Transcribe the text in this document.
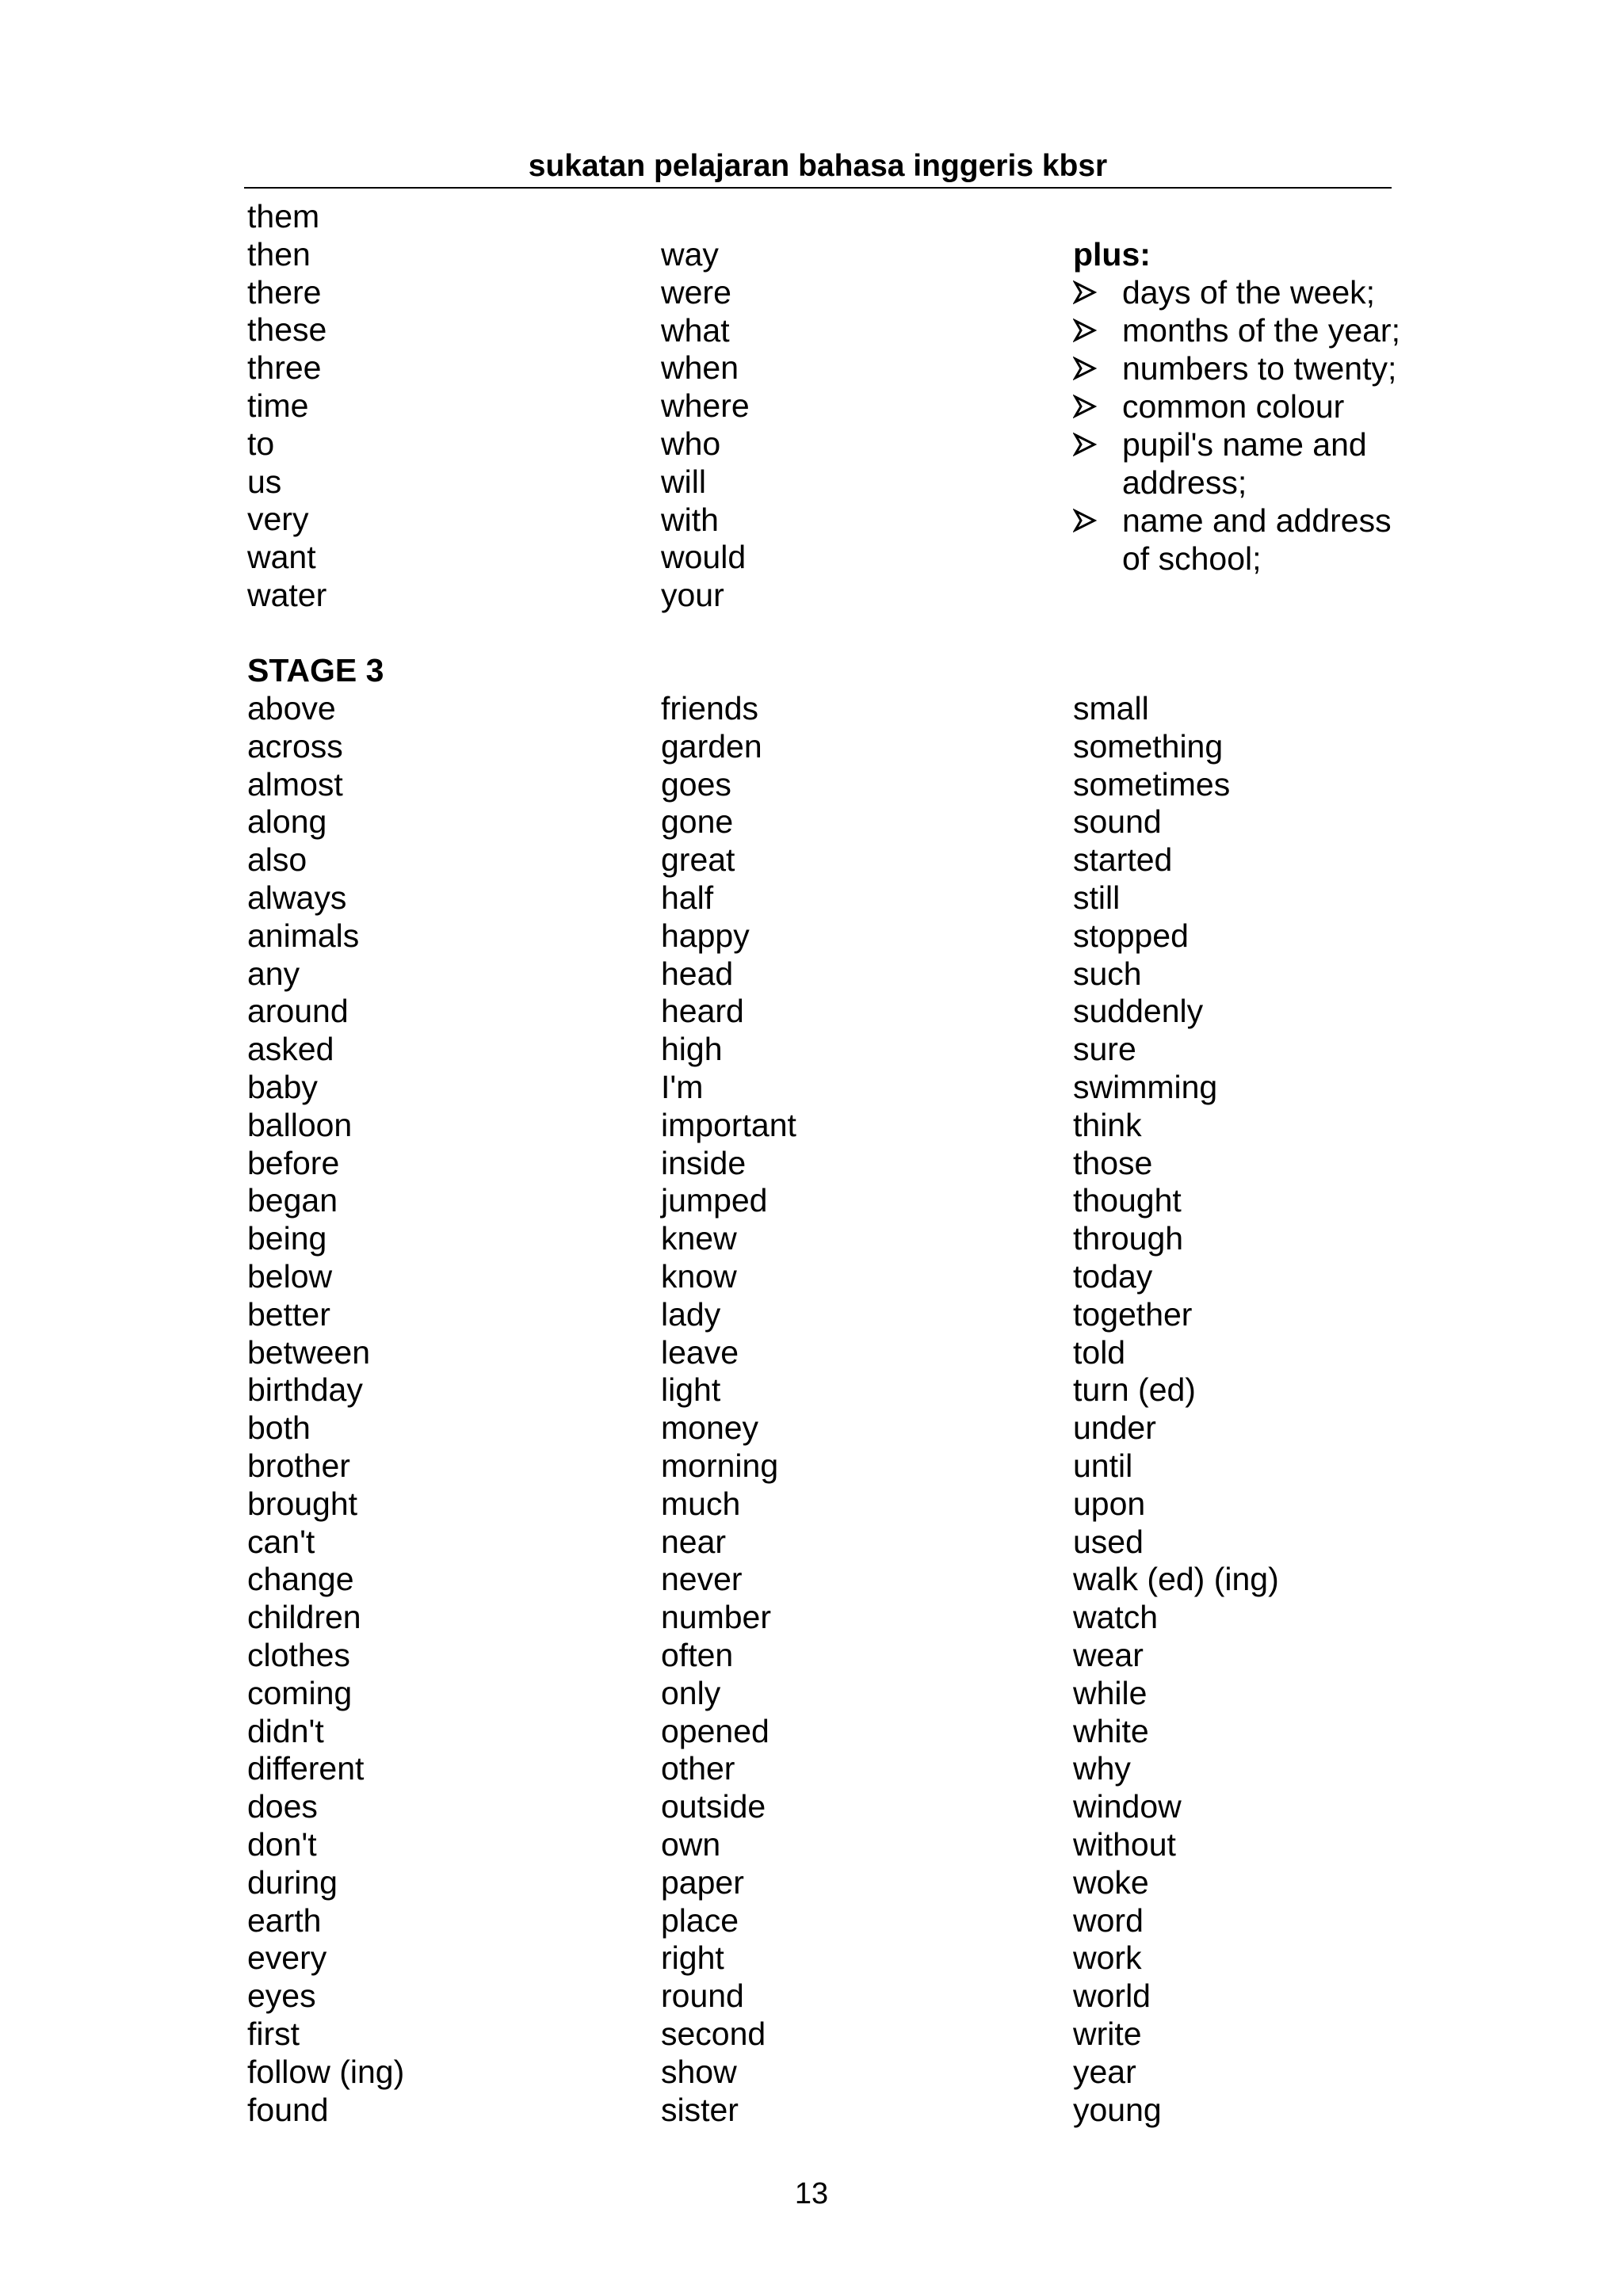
sukatan pelajaran bahasa inggeris kbsr
them
then
there
these
three
time
to
us
very
want
water
way
were
what
when
where
who
will
with
would
your
plus:
days of the week;
months of the year;
numbers to twenty;
common colour
pupil's name and address;
name and address of school;
STAGE 3
above
across
almost
along
also
always
animals
any
around
asked
baby
balloon
before
began
being
below
better
between
birthday
both
brother
brought
can't
change
children
clothes
coming
didn't
different
does
don't
during
earth
every
eyes
first
follow (ing)
found
friends
garden
goes
gone
great
half
happy
head
heard
high
I'm
important
inside
jumped
knew
know
lady
leave
light
money
morning
much
near
never
number
often
only
opened
other
outside
own
paper
place
right
round
second
show
sister
small
something
sometimes
sound
started
still
stopped
such
suddenly
sure
swimming
think
those
thought
through
today
together
told
turn (ed)
under
until
upon
used
walk (ed) (ing)
watch
wear
while
white
why
window
without
woke
word
work
world
write
year
young
13
